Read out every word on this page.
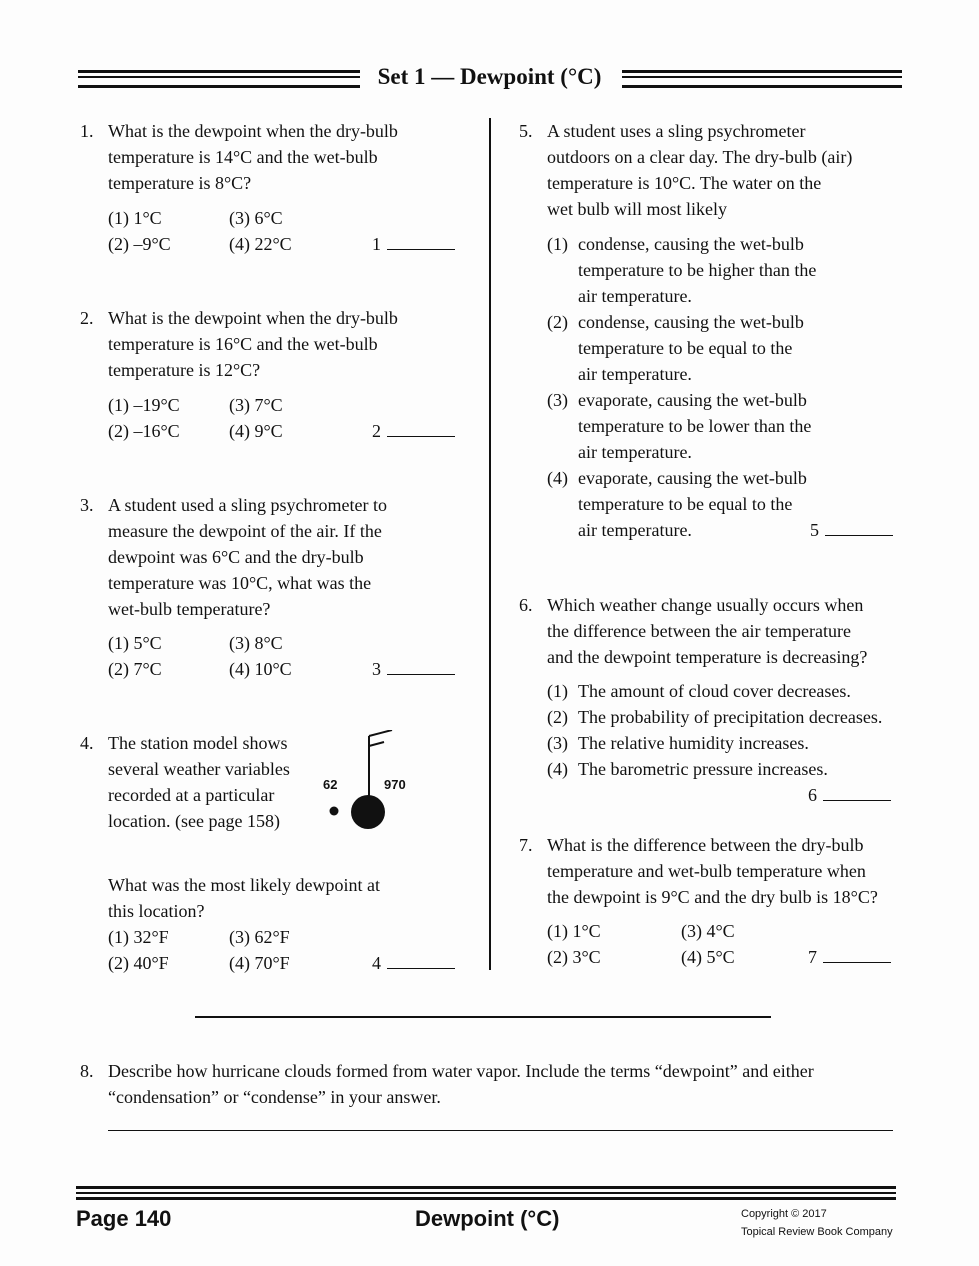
Set 1 — Dewpoint (°C)
62	970
1. What is the dewpoint when the dry-bulb
temperature is 14°C and the wet-bulb
temperature is 8°C?
(1) 1°C
(2) –9°C
(3) 6°C
(4) 22°C	1
2. What is the dewpoint when the dry-bulb
temperature is 16°C and the wet-bulb
temperature is 12°C?
(1) –19°C
(2) –16°C
(3) 7°C
(4) 9°C	2
3. A student used a sling psychrometer to
measure the dewpoint of the air. If the
dewpoint was 6°C and the dry-bulb
temperature was 10°C, what was the
wet-bulb temperature?
(1) 5°C
(2) 7°C
(3) 8°C
(4) 10°C	3
4. The station model shows
several weather variables
recorded at a particular
location. (see page 158)
What was the most likely dewpoint at
this location?
(1) 32°F
(2) 40°F
(3) 62°F
(4) 70°F	4
5. A student uses a sling psychrometer
outdoors on a clear day. The dry-bulb (air)
temperature is 10°C. The water on the
wet bulb will most likely
(1) condense, causing the wet-bulb
temperature to be higher than the
air temperature.
(2) condense, causing the wet-bulb
temperature to be equal to the
air temperature.
(3) evaporate, causing the wet-bulb
temperature to be lower than the
air temperature.
(4) evaporate, causing the wet-bulb
temperature to be equal to the
air temperature.	5
6. Which weather change usually occurs when
the difference between the air temperature
and the dewpoint temperature is decreasing?
(1) The amount of cloud cover decreases.
(2) The probability of precipitation decreases.
(3) The relative humidity increases.
(4) The barometric pressure increases.
6
7. What is the difference between the dry-bulb
temperature and wet-bulb temperature when
the dewpoint is 9°C and the dry bulb is 18°C?
(1) 1°C
(2) 3°C
(3) 4°C
(4) 5°C	7
8. Describe how hurricane clouds formed from water vapor. Include the terms “dewpoint” and either
“condensation” or “condense” in your answer.
Page 140	Dewpoint (°C)	Copyright © 2017
Topical Review Book Company
